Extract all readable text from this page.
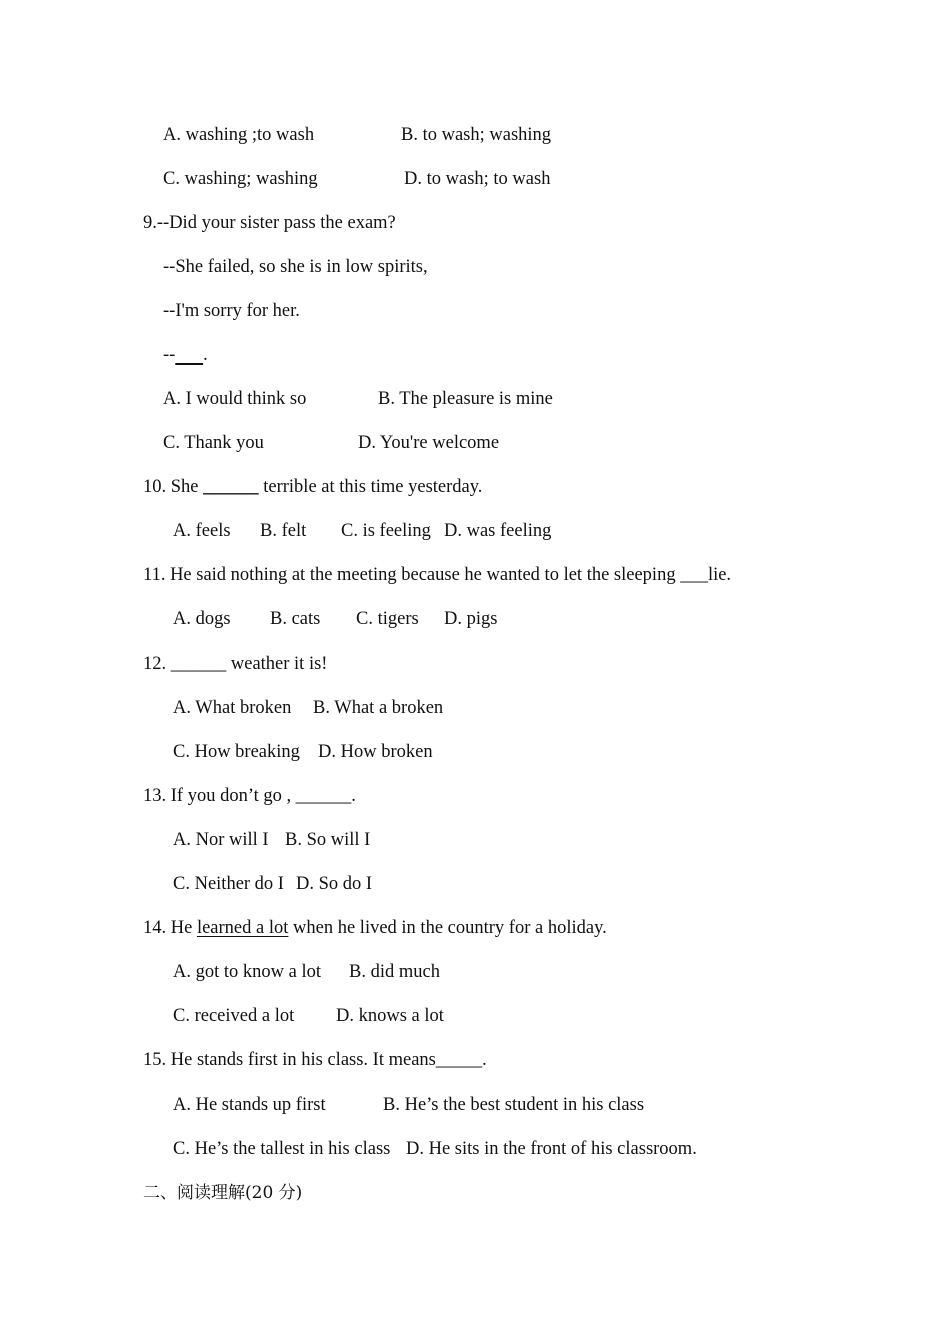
A. washing ;to wash	B. to wash; washing
C. washing; washing	D. to wash; to wash
9.--Did your sister pass the exam?
--She failed, so she is in low spirits,
--I'm sorry for her.
-- .
A. I would think so	B. The pleasure is mine
C. Thank you	D. You're welcome
10. She ______ terrible at this time yesterday.
A. feels B. felt C. is feeling D. was feeling
11. He said nothing at the meeting because he wanted to let the sleeping ___lie.
A. dogs B. cats C. tigers D. pigs
12. ______ weather it is!
A. What broken B. What a broken
C. How breaking D. How broken
13. If you don’t go , ______.
A. Nor will I B. So will I
C. Neither do I D. So do I
14. He learned a lot when he lived in the country for a holiday.
A. got to know a lot B. did much
C. received a lot D. knows a lot
15. He stands first in his class. It means_____.
A. He stands up first	B. He’s the best student in his class
C. He’s the tallest in his class D. He sits in the front of his classroom.
二、阅读理解(20 分)
